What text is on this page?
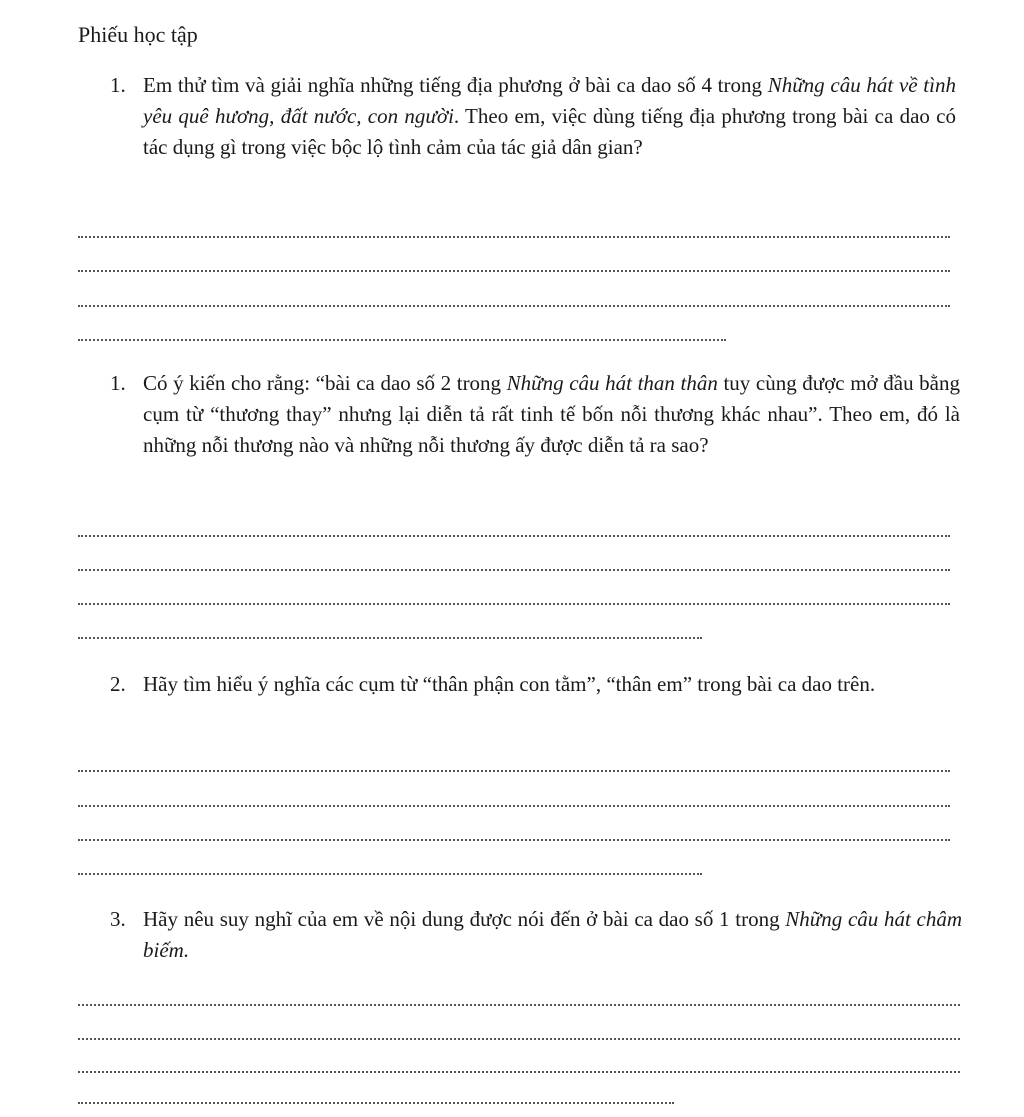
Phiếu học tập
1. Em thử tìm và giải nghĩa những tiếng địa phương ở bài ca dao số 4 trong Những câu hát về tình yêu quê hương, đất nước, con người. Theo em, việc dùng tiếng địa phương trong bài ca dao có tác dụng gì trong việc bộc lộ tình cảm của tác giả dân gian?
1. Có ý kiến cho rằng: “bài ca dao số 2 trong Những câu hát than thân tuy cùng được mở đầu bằng cụm từ “thương thay” nhưng lại diễn tả rất tinh tế bốn nỗi thương khác nhau”. Theo em, đó là những nỗi thương nào và những nỗi thương ấy được diễn tả ra sao?
2. Hãy tìm hiểu ý nghĩa các cụm từ “thân phận con tằm”, “thân em” trong bài ca dao trên.
3. Hãy nêu suy nghĩ của em về nội dung được nói đến ở bài ca dao số 1 trong Những câu hát châm biếm.
